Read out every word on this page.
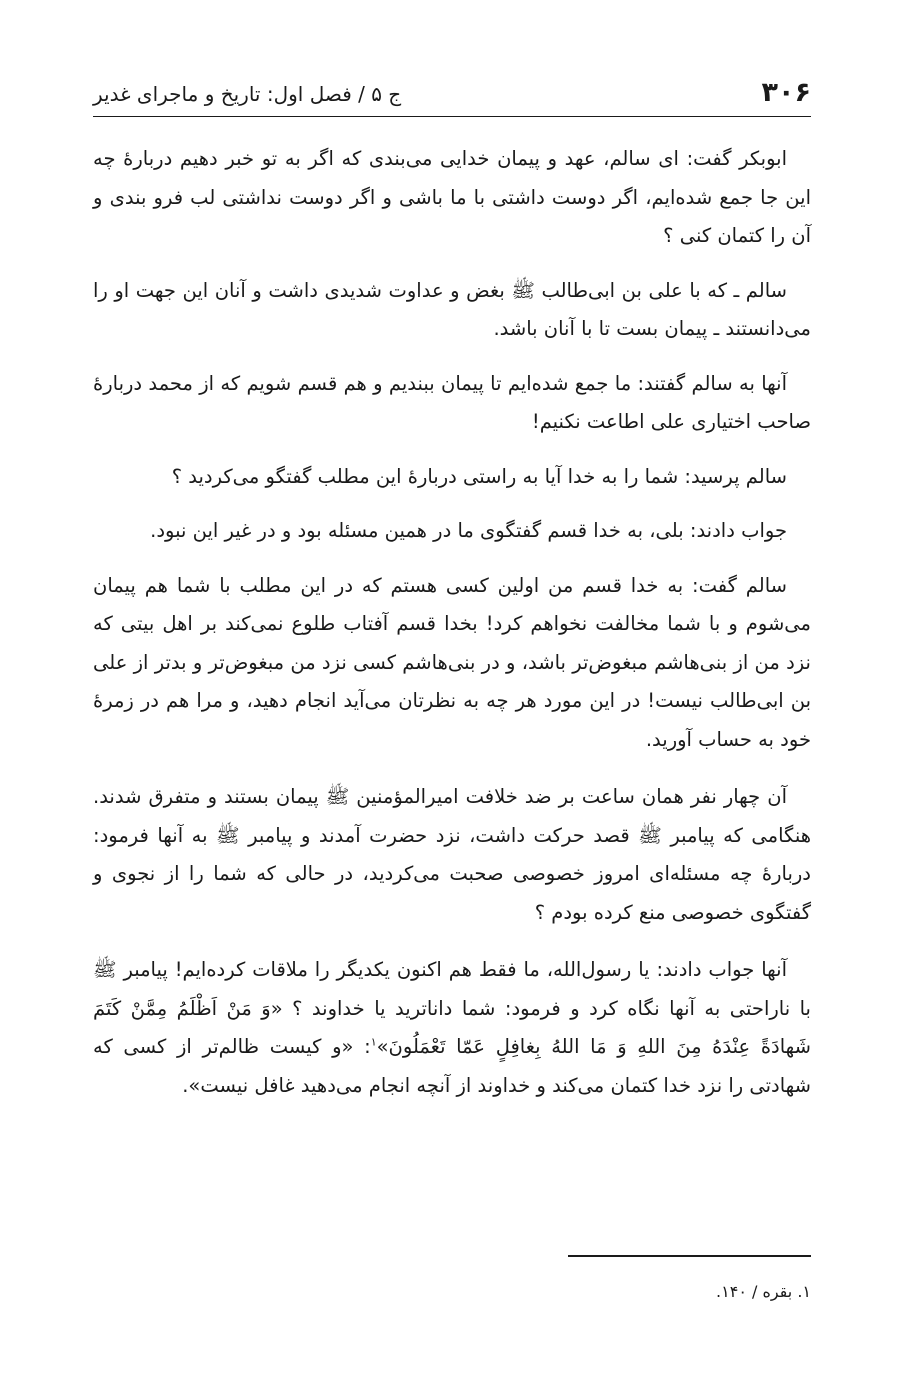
۳۰۶
ج ۵ / فصل اول: تاریخ و ماجرای غدیر

ابوبکر گفت: ای سالم، عهد و پیمان خدایی می‌بندی که اگر به تو خبر دهیم دربارهٔ چه این جا جمع شده‌ایم، اگر دوست داشتی با ما باشی و اگر دوست نداشتی لب فرو بندی و آن را کتمان کنی ؟

سالم ـ که با علی بن ابی‌طالب ﷺ بغض و عداوت شدیدی داشت و آنان این جهت او را می‌دانستند ـ پیمان بست تا با آنان باشد.

آنها به سالم گفتند: ما جمع شده‌ایم تا پیمان ببندیم و هم قسم شویم که از محمد دربارهٔ صاحب اختیاری علی اطاعت نکنیم!

سالم پرسید: شما را به خدا آیا به راستی دربارهٔ این مطلب گفتگو می‌کردید ؟

جواب دادند: بلی، به خدا قسم گفتگوی ما در همین مسئله بود و در غیر این نبود.

سالم گفت: به خدا قسم من اولین کسی هستم که در این مطلب با شما هم پیمان می‌شوم و با شما مخالفت نخواهم کرد! بخدا قسم آفتاب طلوع نمی‌کند بر اهل بیتی که نزد من از بنی‌هاشم مبغوض‌تر باشد، و در بنی‌هاشم کسی نزد من مبغوض‌تر و بدتر از علی بن ابی‌طالب نیست! در این مورد هر چه به نظرتان می‌آید انجام دهید، و مرا هم در زمرهٔ خود به حساب آورید.

آن چهار نفر همان ساعت بر ضد خلافت امیرالمؤمنین ﷺ پیمان بستند و متفرق شدند. هنگامی که پیامبر ﷺ قصد حرکت داشت، نزد حضرت آمدند و پیامبر ﷺ به آنها فرمود: دربارهٔ چه مسئله‌ای امروز خصوصی صحبت می‌کردید، در حالی که شما را از نجوی و گفتگوی خصوصی منع کرده بودم ؟

آنها جواب دادند: یا رسول‌الله، ما فقط هم اکنون یکدیگر را ملاقات کرده‌ایم! پیامبر ﷺ با ناراحتی به آنها نگاه کرد و فرمود: شما داناترید یا خداوند ؟ «وَ مَنْ اَظْلَمُ مِمَّنْ کَتَمَ شَهادَةً عِنْدَهُ مِنَ اللهِ وَ مَا اللهُ بِغافِلٍ عَمّا تَعْمَلُونَ»$^۱$: «و کیست ظالم‌تر از کسی که شهادتی را نزد خدا کتمان می‌کند و خداوند از آنچه انجام می‌دهید غافل نیست».

۱. بقره / ۱۴۰.
